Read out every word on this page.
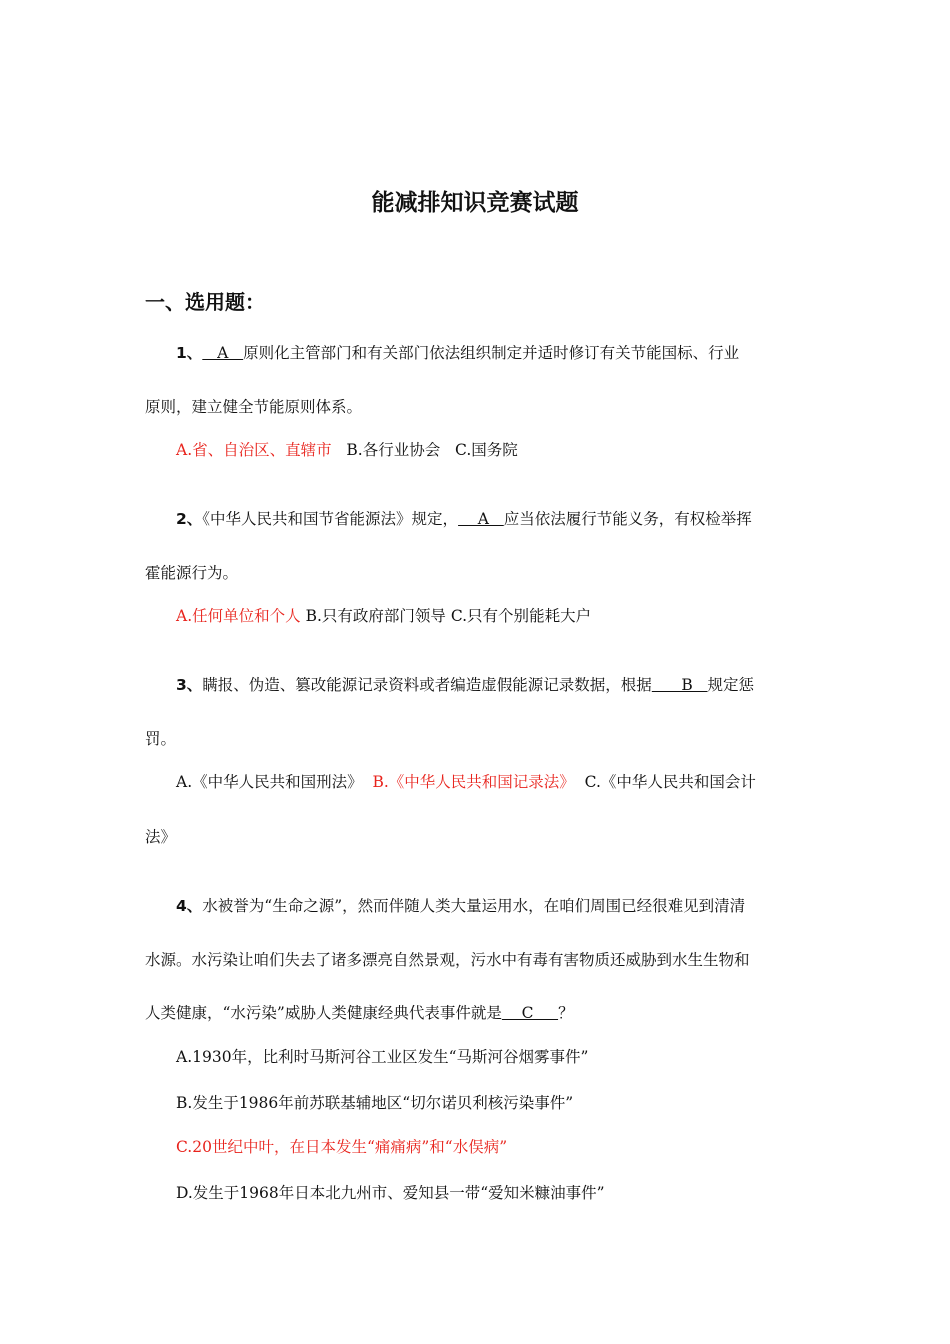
能减排知识竞赛试题
一、选用题：
1、   A   原则化主管部门和有关部门依法组织制定并适时修订有关节能国标、行业
原则，建立健全节能原则体系。
A.省、自治区、直辖市 B.各行业协会 C.国务院
2、《中华人民共和国节省能源法》规定，    A   应当依法履行节能义务，有权检举挥
霍能源行为。
A.任何单位和个人 B.只有政府部门领导 C.只有个别能耗大户
3、瞒报、伪造、篡改能源记录资料或者编造虚假能源记录数据，根据      B   规定惩
罚。
A.《中华人民共和国刑法》 B.《中华人民共和国记录法》 C.《中华人民共和国会计
法》
4、水被誉为“生命之源”，然而伴随人类大量运用水，在咱们周围已经很难见到清清
水源。水污染让咱们失去了诸多漂亮自然景观，污水中有毒有害物质还威胁到水生生物和
人类健康，“水污染”威胁人类健康经典代表事件就是    C     ？
A.1930年，比利时马斯河谷工业区发生“马斯河谷烟雾事件”
B.发生于1986年前苏联基辅地区“切尔诺贝利核污染事件”
C.20世纪中叶，在日本发生“痛痛病”和“水俣病”
D.发生于1968年日本北九州市、爱知县一带“爱知米糠油事件”
